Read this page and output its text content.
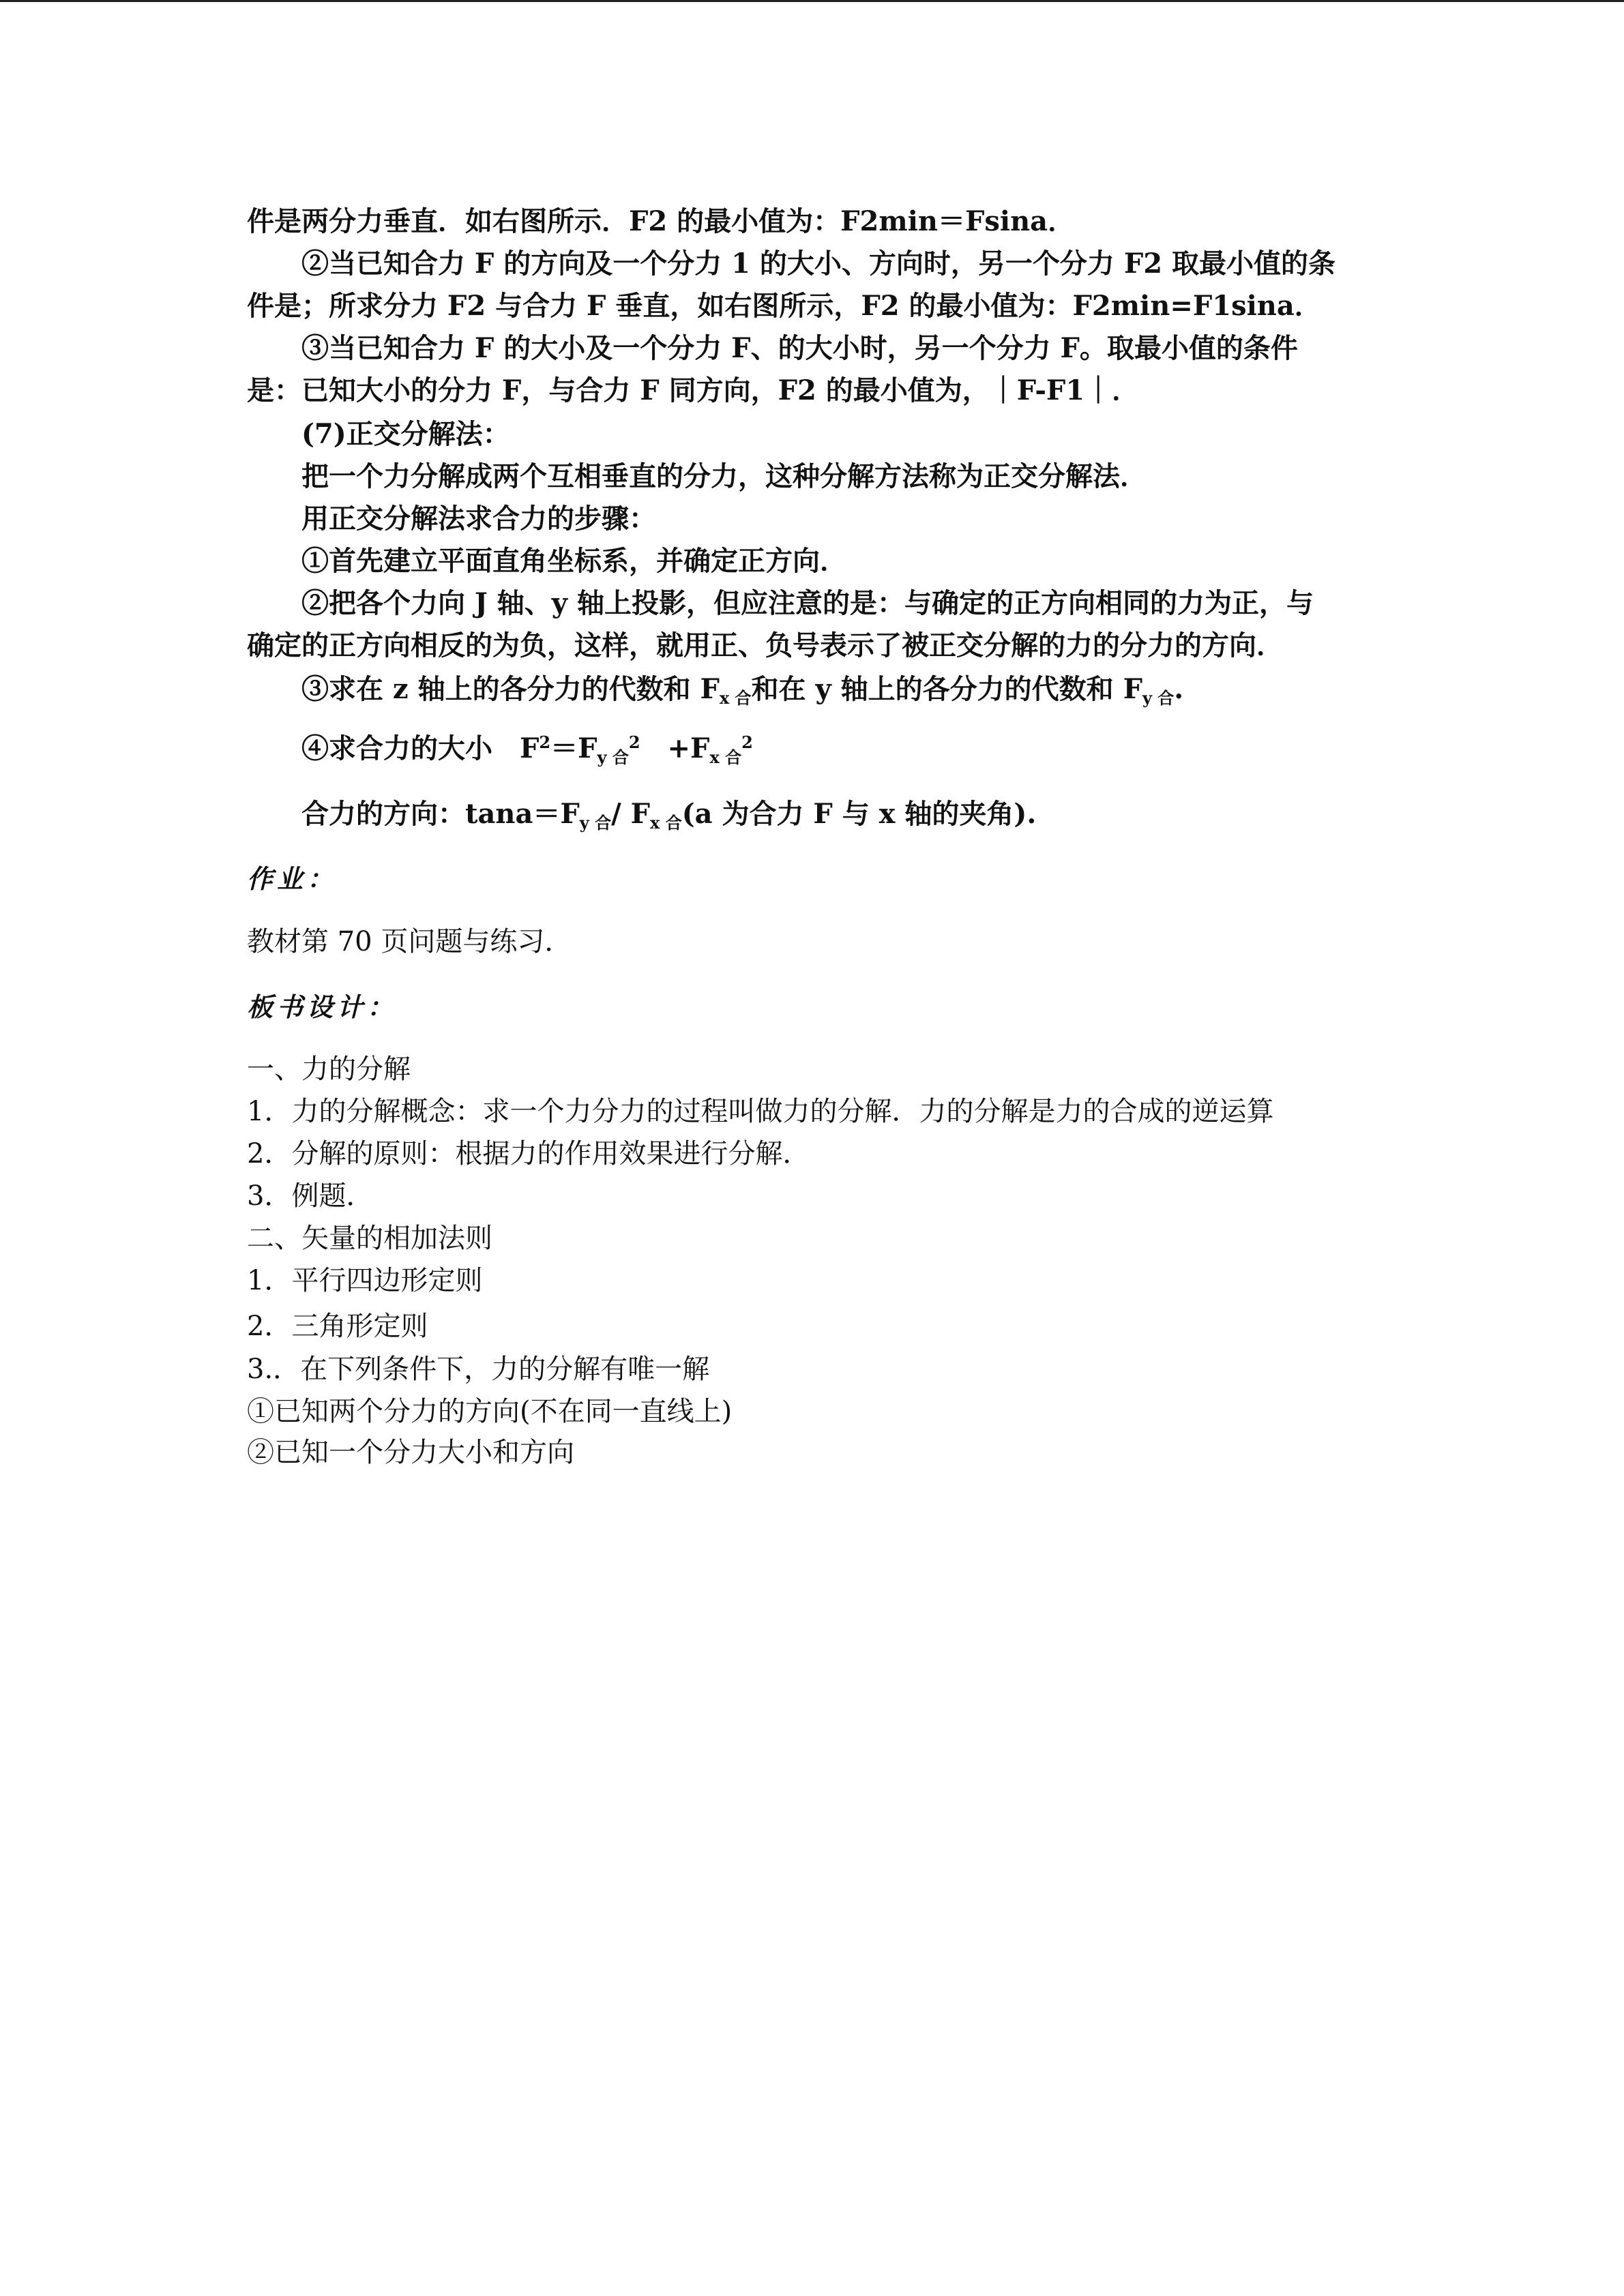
件是两分力垂直．如右图所示．F2 的最小值为：F2min＝Fsina．
②当已知合力 F 的方向及一个分力 1 的大小、方向时，另一个分力 F2 取最小值的条
件是；所求分力 F2 与合力 F 垂直，如右图所示，F2 的最小值为：F2min=F1sina．
③当已知合力 F 的大小及一个分力 F、的大小时，另一个分力 F。取最小值的条件
是：已知大小的分力 F，与合力 F 同方向，F2 的最小值为，｜F-F1｜．
(7)正交分解法：
把一个力分解成两个互相垂直的分力，这种分解方法称为正交分解法．
用正交分解法求合力的步骤：
①首先建立平面直角坐标系，并确定正方向．
②把各个力向 J 轴、y 轴上投影，但应注意的是：与确定的正方向相同的力为正，与
确定的正方向相反的为负，这样，就用正、负号表示了被正交分解的力的分力的方向．
③求在 z 轴上的各分力的代数和 $F_{x 合}$和在 y 轴上的各分力的代数和 $F_{y 合}$.
④求合力的大小　$F^2=F_{y 合}^2$　$+F_{x 合}^2$
合力的方向：$\tan a=F_{y 合}/$ $F_{x 合}(a$ 为合力 F 与 x 轴的夹角).
作业：
教材第 70 页问题与练习．
板书设计：
一、力的分解
1．力的分解概念：求一个力分力的过程叫做力的分解．力的分解是力的合成的逆运算
2．分解的原则：根据力的作用效果进行分解．
3．例题．
二、矢量的相加法则
1．平行四边形定则
2．三角形定则
3.．在下列条件下，力的分解有唯一解
①已知两个分力的方向(不在同一直线上)
②已知一个分力大小和方向
